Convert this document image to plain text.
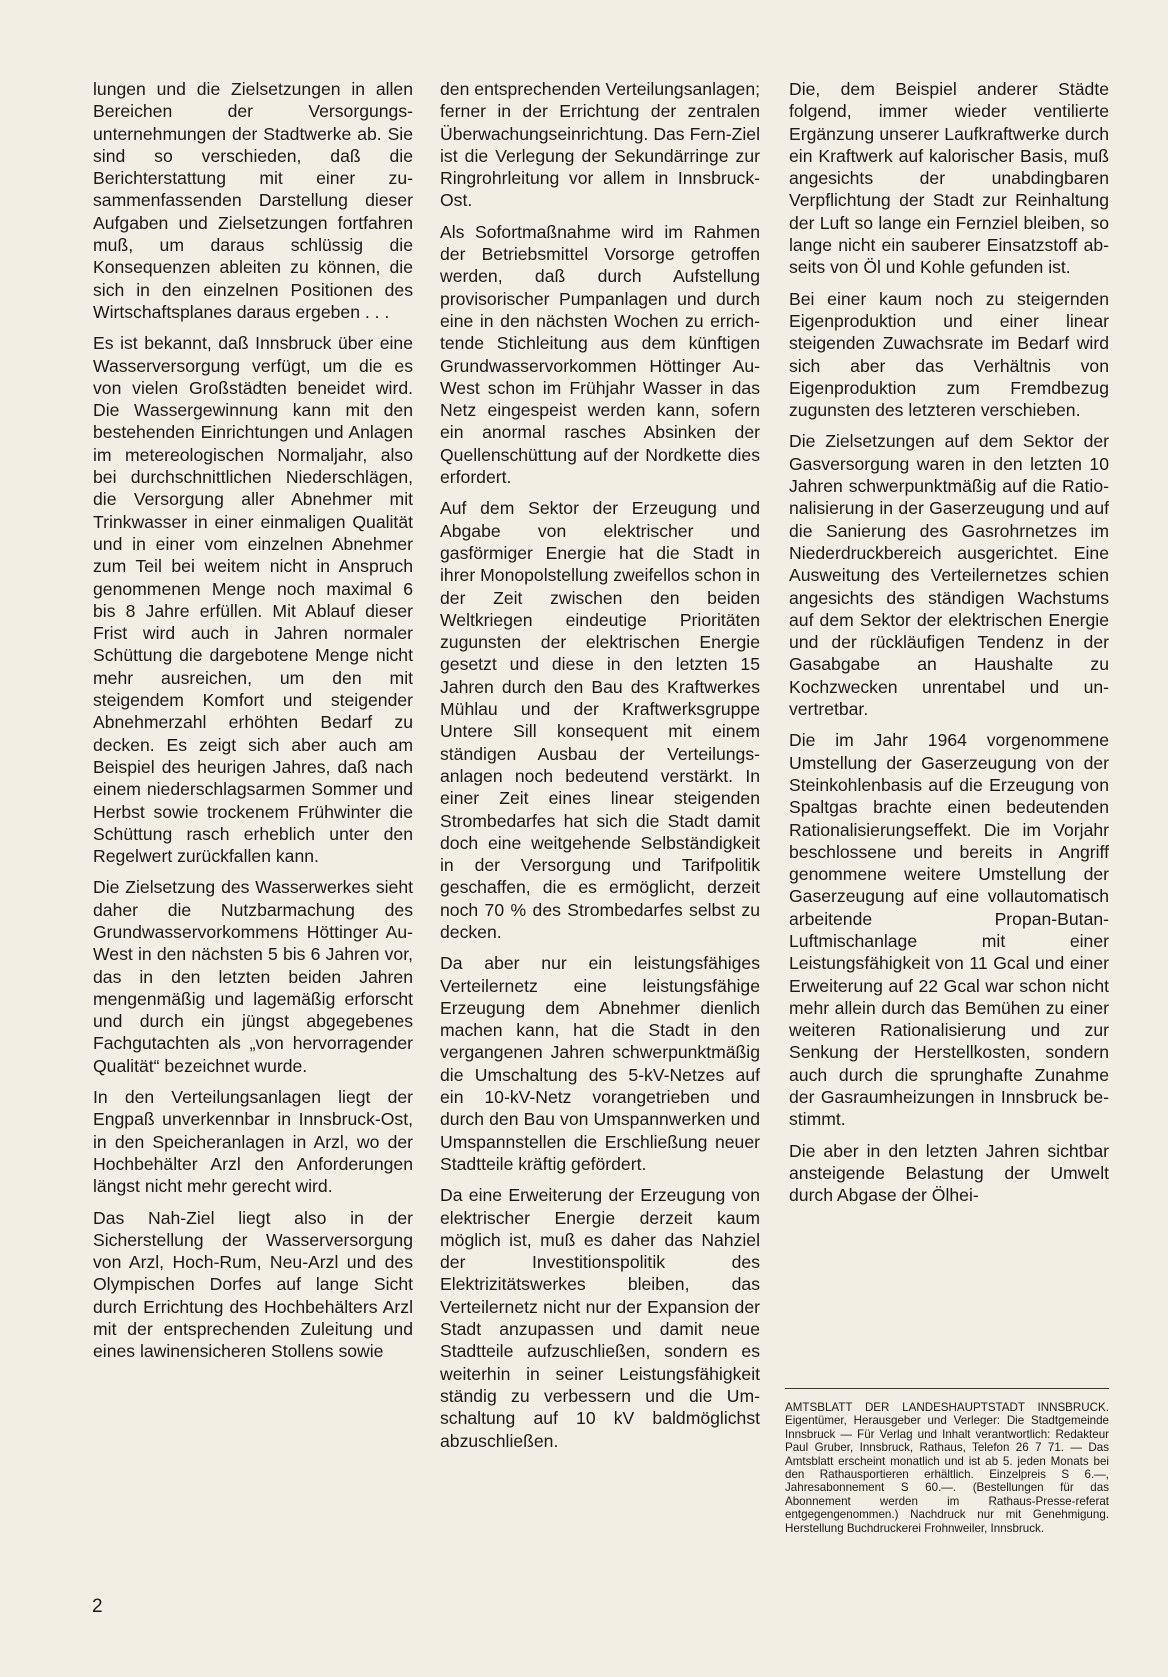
lungen und die Zielsetzungen in allen Bereichen der Versorgungsunternehmungen der Stadtwerke ab. Sie sind so verschieden, daß die Berichterstattung mit einer zusammenfassenden Darstellung dieser Aufgaben und Zielsetzungen fortfahren muß, um daraus schlüssig die Konsequenzen ableiten zu können, die sich in den einzelnen Positionen des Wirtschaftsplanes daraus ergeben . . .

Es ist bekannt, daß Innsbruck über eine Wasserversorgung verfügt, um die es von vielen Großstädten beneidet wird. Die Wassergewinnung kann mit den bestehenden Einrichtungen und Anlagen im metereologischen Normaljahr, also bei durchschnittlichen Niederschlägen, die Versorgung aller Abnehmer mit Trinkwasser in einer einmaligen Qualität und in einer vom einzelnen Abnehmer zum Teil bei weitem nicht in Anspruch genommenen Menge noch maximal 6 bis 8 Jahre erfüllen. Mit Ablauf dieser Frist wird auch in Jahren normaler Schüttung die dargebotene Menge nicht mehr ausreichen, um den mit steigendem Komfort und steigender Abnehmerzahl erhöhten Bedarf zu decken. Es zeigt sich aber auch am Beispiel des heurigen Jahres, daß nach einem niederschlagsarmen Sommer und Herbst sowie trockenem Frühwinter die Schüttung rasch erheblich unter den Regelwert zurückfallen kann.

Die Zielsetzung des Wasserwerkes sieht daher die Nutzbarmachung des Grundwasservorkommens Höttinger Au-West in den nächsten 5 bis 6 Jahren vor, das in den letzten beiden Jahren mengenmäßig und lagemäßig erforscht und durch ein jüngst abgegebenes Fachgutachten als „von hervorragender Qualität“ bezeichnet wurde.

In den Verteilungsanlagen liegt der Engpaß unverkennbar in Innsbruck-Ost, in den Speicheranlagen in Arzl, wo der Hochbehälter Arzl den Anforderungen längst nicht mehr gerecht wird.

Das Nah-Ziel liegt also in der Sicherstellung der Wasserversorgung von Arzl, Hoch-Rum, Neu-Arzl und des Olympischen Dorfes auf lange Sicht durch Errichtung des Hochbehälters Arzl mit der entsprechenden Zuleitung und eines lawinensicheren Stollens sowie

den entsprechenden Verteilungsanlagen; ferner in der Errichtung der zentralen Überwachungseinrichtung. Das Fern-Ziel ist die Verlegung der Sekundärringe zur Ringrohrleitung vor allem in Innsbruck-Ost.

Als Sofortmaßnahme wird im Rahmen der Betriebsmittel Vorsorge getroffen werden, daß durch Aufstellung provisorischer Pumpanlagen und durch eine in den nächsten Wochen zu errichtende Stichleitung aus dem künftigen Grundwasservorkommen Höttinger Au-West schon im Frühjahr Wasser in das Netz eingespeist werden kann, sofern ein anormal rasches Absinken der Quellenschüttung auf der Nordkette dies erfordert.

Auf dem Sektor der Erzeugung und Abgabe von elektrischer und gasförmiger Energie hat die Stadt in ihrer Monopolstellung zweifellos schon in der Zeit zwischen den beiden Weltkriegen eindeutige Prioritäten zugunsten der elektrischen Energie gesetzt und diese in den letzten 15 Jahren durch den Bau des Kraftwerkes Mühlau und der Kraftwerksgruppe Untere Sill konsequent mit einem ständigen Ausbau der Verteilungsanlagen noch bedeutend verstärkt. In einer Zeit eines linear steigenden Strombedarfes hat sich die Stadt damit doch eine weitgehende Selbständigkeit in der Versorgung und Tarifpolitik geschaffen, die es ermöglicht, derzeit noch 70 % des Strombedarfes selbst zu decken.

Da aber nur ein leistungsfähiges Verteilernetz eine leistungsfähige Erzeugung dem Abnehmer dienlich machen kann, hat die Stadt in den vergangenen Jahren schwerpunktmäßig die Umschaltung des 5-kV-Netzes auf ein 10-kV-Netz vorangetrieben und durch den Bau von Umspannwerken und Umspannstellen die Erschließung neuer Stadtteile kräftig gefördert.

Da eine Erweiterung der Erzeugung von elektrischer Energie derzeit kaum möglich ist, muß es daher das Nahziel der Investitionspolitik des Elektrizitätswerkes bleiben, das Verteilernetz nicht nur der Expansion der Stadt anzupassen und damit neue Stadtteile aufzuschließen, sondern es weiterhin in seiner Leistungsfähigkeit ständig zu verbessern und die Umschaltung auf 10 kV baldmöglichst abzuschließen.

Die, dem Beispiel anderer Städte folgend, immer wieder ventilierte Ergänzung unserer Laufkraftwerke durch ein Kraftwerk auf kalorischer Basis, muß angesichts der unabdingbaren Verpflichtung der Stadt zur Reinhaltung der Luft so lange ein Fernziel bleiben, so lange nicht ein sauberer Einsatzstoff abseits von Öl und Kohle gefunden ist.

Bei einer kaum noch zu steigernden Eigenproduktion und einer linear steigenden Zuwachsrate im Bedarf wird sich aber das Verhältnis von Eigenproduktion zum Fremdbezug zugunsten des letzteren verschieben.

Die Zielsetzungen auf dem Sektor der Gasversorgung waren in den letzten 10 Jahren schwerpunktmäßig auf die Rationalisierung in der Gaserzeugung und auf die Sanierung des Gasrohrnetzes im Niederdruckbereich ausgerichtet. Eine Ausweitung des Verteilernetzes schien angesichts des ständigen Wachstums auf dem Sektor der elektrischen Energie und der rückläufigen Tendenz in der Gasabgabe an Haushalte zu Kochzwecken unrentabel und unvertretbar.

Die im Jahr 1964 vorgenommene Umstellung der Gaserzeugung von der Steinkohlenbasis auf die Erzeugung von Spaltgas brachte einen bedeutenden Rationalisierungseffekt. Die im Vorjahr beschlossene und bereits in Angriff genommene weitere Umstellung der Gaserzeugung auf eine vollautomatisch arbeitende Propan-Butan-Luftmischanlage mit einer Leistungsfähigkeit von 11 Gcal und einer Erweiterung auf 22 Gcal war schon nicht mehr allein durch das Bemühen zu einer weiteren Rationalisierung und zur Senkung der Herstellkosten, sondern auch durch die sprunghafte Zunahme der Gasraumheizungen in Innsbruck bestimmt.

Die aber in den letzten Jahren sichtbar ansteigende Belastung der Umwelt durch Abgase der Ölhei-

AMTSBLATT DER LANDESHAUPTSTADT INNSBRUCK. Eigentümer, Herausgeber und Verleger: Die Stadtgemeinde Innsbruck — Für Verlag und Inhalt verantwortlich: Redakteur Paul Gruber, Innsbruck, Rathaus, Telefon 26 7 71. — Das Amtsblatt erscheint monatlich und ist ab 5. jeden Monats bei den Rathausportieren erhältlich. Einzelpreis S 6.—, Jahresabonnement S 60.—. (Bestellungen für das Abonnement werden im Rathaus-Presse-referat entgegengenommen.) Nachdruck nur mit Genehmigung. Herstellung Buchdruckerei Frohnweiler, Innsbruck.
2
